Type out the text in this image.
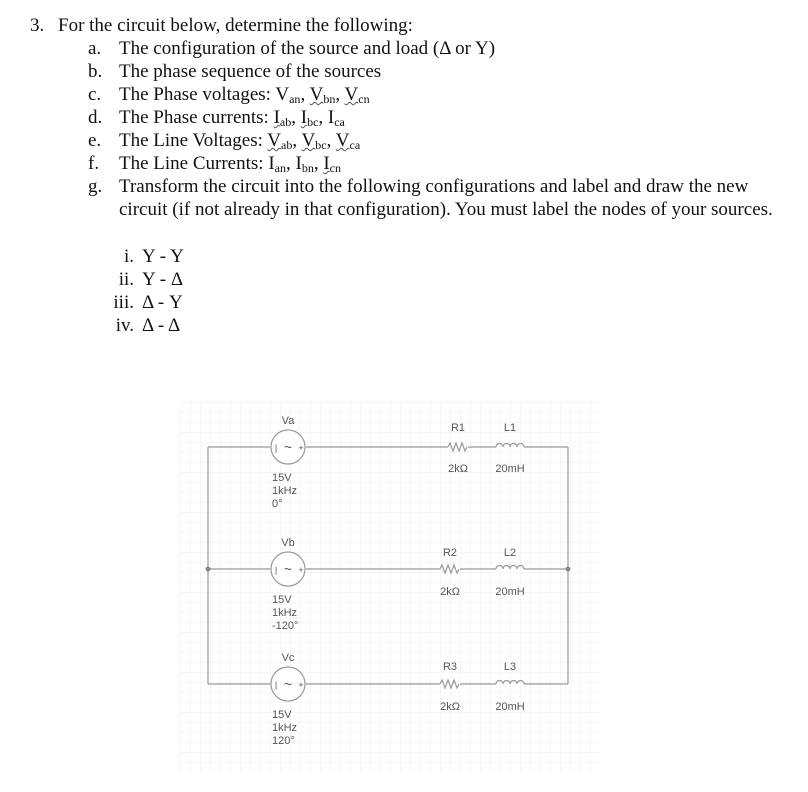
3. For the circuit below, determine the following:
a. The configuration of the source and load (Δ or Y)
b. The phase sequence of the sources
c. The Phase voltages: $V_{an}$, $V_{bn}$, $V_{cn}$
d. The Phase currents: $I_{ab}$, $I_{bc}$, $I_{ca}$
e. The Line Voltages: $V_{ab}$, $V_{bc}$, $V_{ca}$
f.	The Line Currents: $I_{an}$, $I_{bn}$, $I_{cn}$
g. Transform the circuit into the following configurations and label and draw the new circuit (if not already in that configuration). You must label the nodes of your sources.
i. Y - Y
ii. Y - Δ
iii. Δ - Y
iv. Δ - Δ
~
| +
Va
15V
1kHz
0°
~
| +
Vb
15V
1kHz
-120°
~
| +
Vc
15V
1kHz
120°
R1
2kΩ
R2
2kΩ
R3
2kΩ
L1
20mH
L2
20mH
L3
20mH
